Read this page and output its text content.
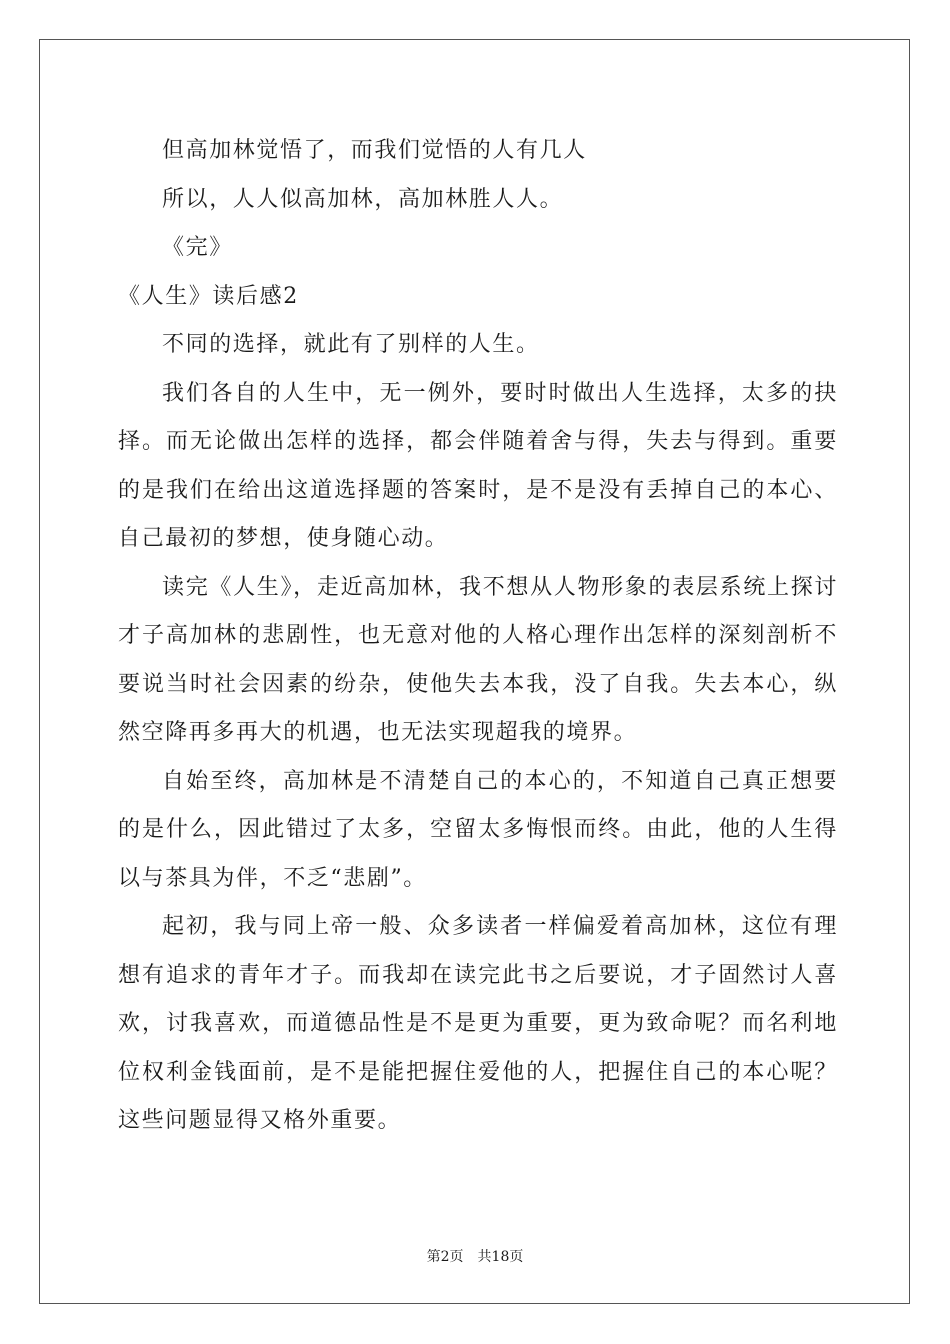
但高加林觉悟了，而我们觉悟的人有几人

所以，人人似高加林，高加林胜人人。

《完》

《人生》读后感2

不同的选择，就此有了别样的人生。

我们各自的人生中，无一例外，要时时做出人生选择，太多的抉择。而无论做出怎样的选择，都会伴随着舍与得，失去与得到。重要的是我们在给出这道选择题的答案时，是不是没有丢掉自己的本心、自己最初的梦想，使身随心动。

读完《人生》，走近高加林，我不想从人物形象的表层系统上探讨才子高加林的悲剧性，也无意对他的人格心理作出怎样的深刻剖析不要说当时社会因素的纷杂，使他失去本我，没了自我。失去本心，纵然空降再多再大的机遇，也无法实现超我的境界。

自始至终，高加林是不清楚自己的本心的，不知道自己真正想要的是什么，因此错过了太多，空留太多悔恨而终。由此，他的人生得以与茶具为伴，不乏“悲剧”。

起初，我与同上帝一般、众多读者一样偏爱着高加林，这位有理想有追求的青年才子。而我却在读完此书之后要说，才子固然讨人喜欢，讨我喜欢，而道德品性是不是更为重要，更为致命呢？而名利地位权利金钱面前，是不是能把握住爱他的人，把握住自己的本心呢？这些问题显得又格外重要。

第2页 共18页
